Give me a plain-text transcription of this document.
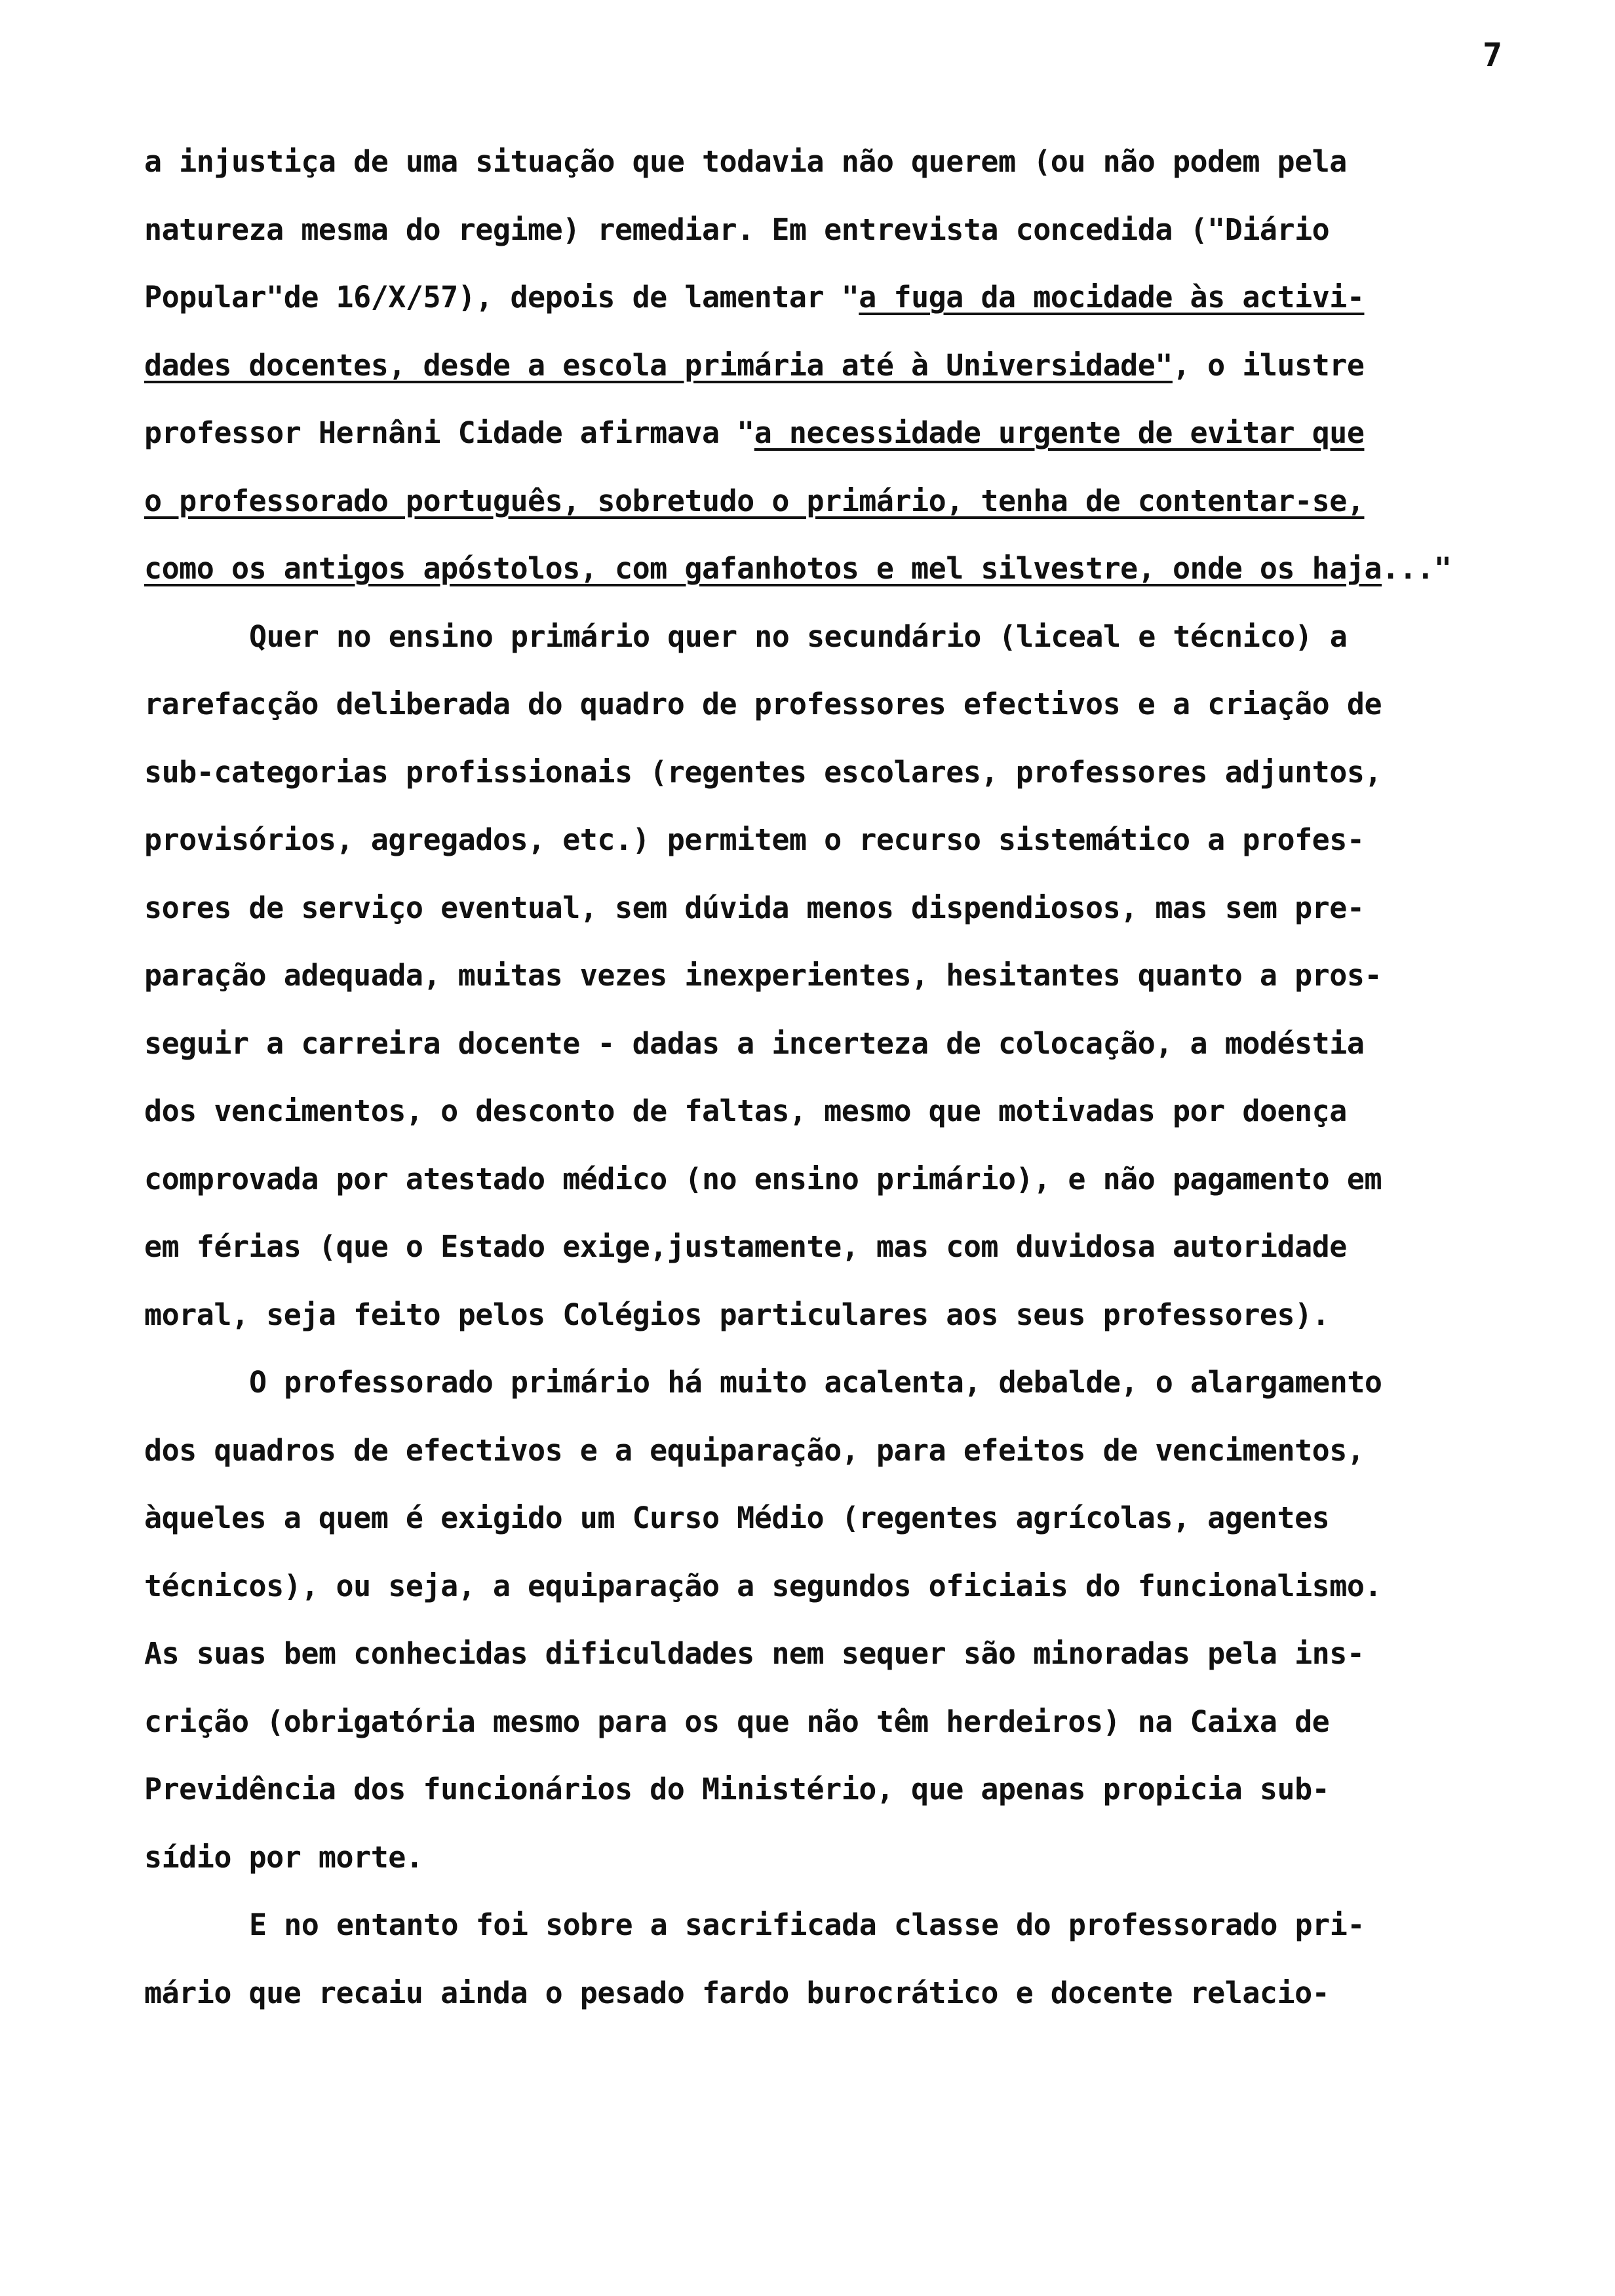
7
a injustiça de uma situação que todavia não querem (ou não podem pela
natureza mesma do regime) remediar. Em entrevista concedida ("Diário
Popular"de 16/X/57), depois de lamentar "a fuga da mocidade às activi-
dades docentes, desde a escola primária até à Universidade", o ilustre
professor Hernâni Cidade afirmava "a necessidade urgente de evitar que
o professorado português, sobretudo o primário, tenha de contentar-se,
como os antigos apóstolos, com gafanhotos e mel silvestre, onde os haja..."
Quer no ensino primário quer no secundário (liceal e técnico) a
rarefacção deliberada do quadro de professores efectivos e a criação de
sub-categorias profissionais (regentes escolares, professores adjuntos,
provisórios, agregados, etc.) permitem o recurso sistemático a profes-
sores de serviço eventual, sem dúvida menos dispendiosos, mas sem pre-
paração adequada, muitas vezes inexperientes, hesitantes quanto a pros-
seguir a carreira docente - dadas a incerteza de colocação, a modéstia
dos vencimentos, o desconto de faltas, mesmo que motivadas por doença
comprovada por atestado médico (no ensino primário), e não pagamento em
em férias (que o Estado exige,justamente, mas com duvidosa autoridade
moral, seja feito pelos Colégios particulares aos seus professores).
O professorado primário há muito acalenta, debalde, o alargamento
dos quadros de efectivos e a equiparação, para efeitos de vencimentos,
àqueles a quem é exigido um Curso Médio (regentes agrícolas, agentes
técnicos), ou seja, a equiparação a segundos oficiais do funcionalismo.
As suas bem conhecidas dificuldades nem sequer são minoradas pela ins-
crição (obrigatória mesmo para os que não têm herdeiros) na Caixa de
Previdência dos funcionários do Ministério, que apenas propicia sub-
sídio por morte.
E no entanto foi sobre a sacrificada classe do professorado pri-
mário que recaiu ainda o pesado fardo burocrático e docente relacio-
